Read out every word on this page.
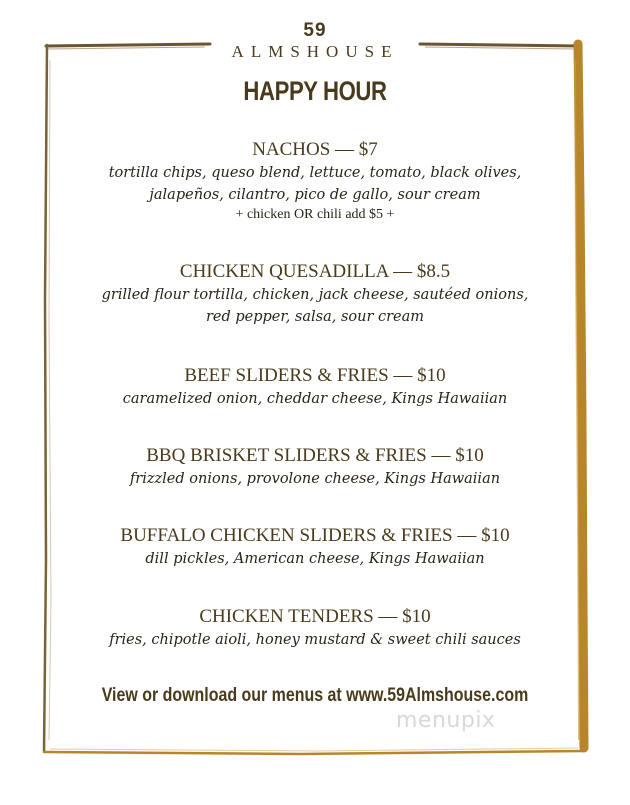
59
ALMSHOUSE
HAPPY HOUR
NACHOS — $7
tortilla chips, queso blend, lettuce, tomato, black olives,
jalapeños, cilantro, pico de gallo, sour cream
+ chicken OR chili add $5 +
CHICKEN QUESADILLA — $8.5
grilled flour tortilla, chicken, jack cheese, sautéed onions,
red pepper, salsa, sour cream
BEEF SLIDERS & FRIES — $10
caramelized onion, cheddar cheese, Kings Hawaiian
BBQ BRISKET SLIDERS & FRIES — $10
frizzled onions, provolone cheese, Kings Hawaiian
BUFFALO CHICKEN SLIDERS & FRIES — $10
dill pickles, American cheese, Kings Hawaiian
CHICKEN TENDERS — $10
fries, chipotle aioli, honey mustard & sweet chili sauces
View or download our menus at www.59Almshouse.com
menupix
